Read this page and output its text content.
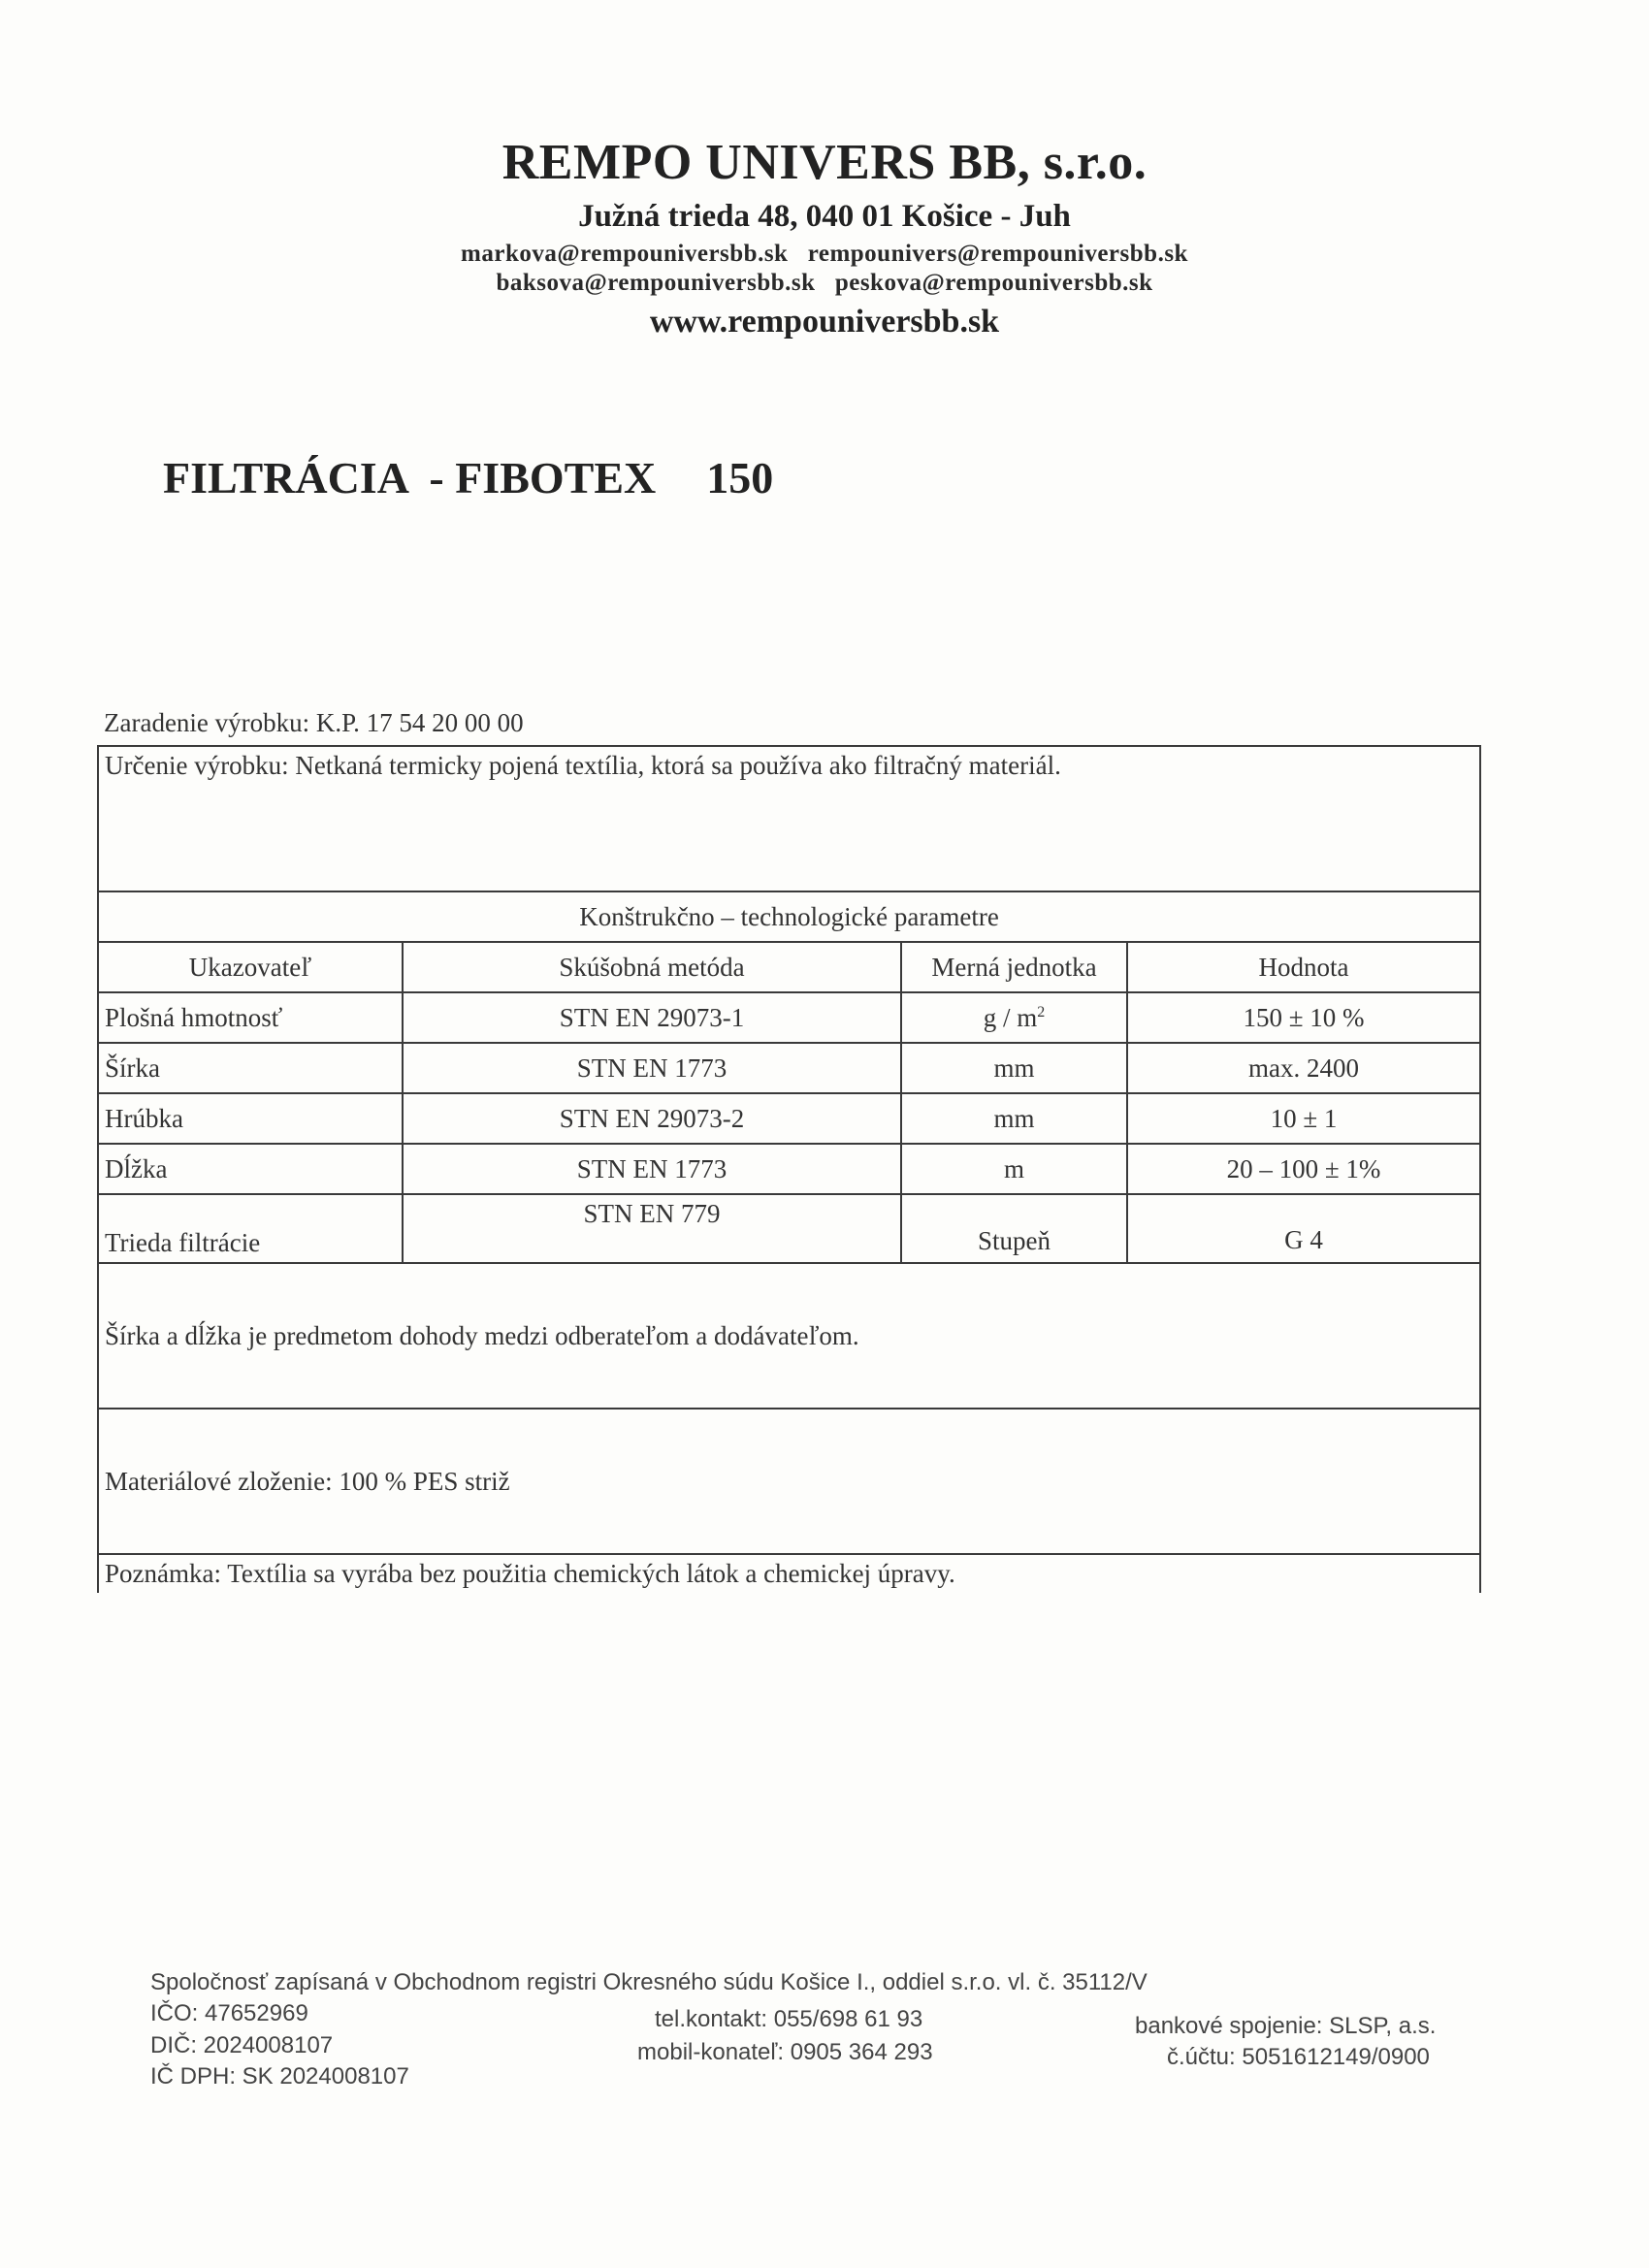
REMPO UNIVERS BB, s.r.o.
Južná trieda 48, 040 01 Košice - Juh
markova@rempouniversbb.sk   rempounivers@rempouniversbb.sk
baksova@rempouniversbb.sk   peskova@rempouniversbb.sk
www.rempouniversbb.sk
FILTRÁCIA  - FIBOTEX 150
Zaradenie výrobku: K.P. 17 54 20 00 00
Určenie výrobku: Netkaná termicky pojená textília, ktorá sa používa ako filtračný materiál.			
Konštrukčno – technologické parametre			
Ukazovateľ	Skúšobná metóda	Merná jednotka	Hodnota
Plošná hmotnosť	STN EN 29073-1	g / $m^2$	150 ± 10 %
Šírka	STN EN 1773	mm	max. 2400
Hrúbka	STN EN 29073-2	mm	10 ± 1
Dĺžka	STN EN 1773	m	20 – 100 ± 1%
Trieda filtrácie	STN EN 779	Stupeň	G 4
Šírka a dĺžka je predmetom dohody medzi odberateľom a dodávateľom.			
Materiálové zloženie: 100 % PES striž			
Poznámka: Textília sa vyrába bez použitia chemických látok a chemickej úpravy.			
Spoločnosť zapísaná v Obchodnom registri Okresného súdu Košice I., oddiel s.r.o. vl. č. 35112/V
IČO: 47652969
DIČ: 2024008107
IČ DPH: SK 2024008107
tel.kontakt: 055/698 61 93
mobil-konateľ: 0905 364 293
bankové spojenie: SLSP, a.s.
č.účtu: 5051612149/0900
